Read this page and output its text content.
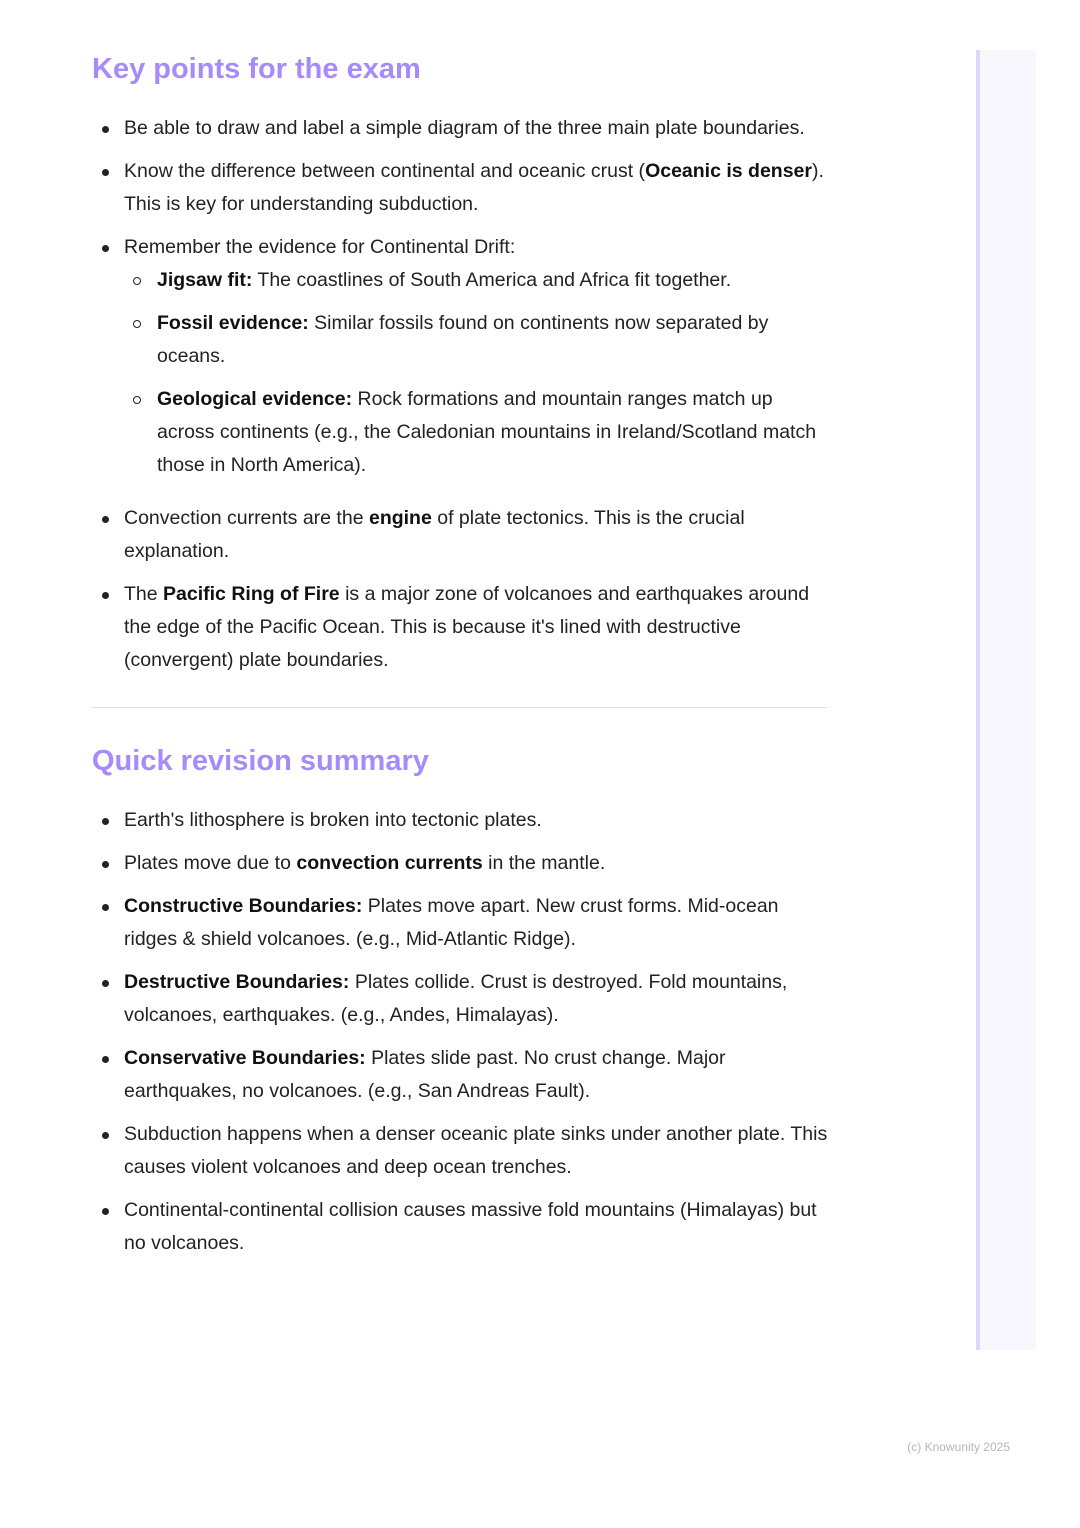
Key points for the exam
Be able to draw and label a simple diagram of the three main plate boundaries.
Know the difference between continental and oceanic crust (Oceanic is denser). This is key for understanding subduction.
Remember the evidence for Continental Drift:
Jigsaw fit: The coastlines of South America and Africa fit together.
Fossil evidence: Similar fossils found on continents now separated by oceans.
Geological evidence: Rock formations and mountain ranges match up across continents (e.g., the Caledonian mountains in Ireland/Scotland match those in North America).
Convection currents are the engine of plate tectonics. This is the crucial explanation.
The Pacific Ring of Fire is a major zone of volcanoes and earthquakes around the edge of the Pacific Ocean. This is because it's lined with destructive (convergent) plate boundaries.
Quick revision summary
Earth's lithosphere is broken into tectonic plates.
Plates move due to convection currents in the mantle.
Constructive Boundaries: Plates move apart. New crust forms. Mid-ocean ridges & shield volcanoes. (e.g., Mid-Atlantic Ridge).
Destructive Boundaries: Plates collide. Crust is destroyed. Fold mountains, volcanoes, earthquakes. (e.g., Andes, Himalayas).
Conservative Boundaries: Plates slide past. No crust change. Major earthquakes, no volcanoes. (e.g., San Andreas Fault).
Subduction happens when a denser oceanic plate sinks under another plate. This causes violent volcanoes and deep ocean trenches.
Continental-continental collision causes massive fold mountains (Himalayas) but no volcanoes.
(c) Knowunity 2025
